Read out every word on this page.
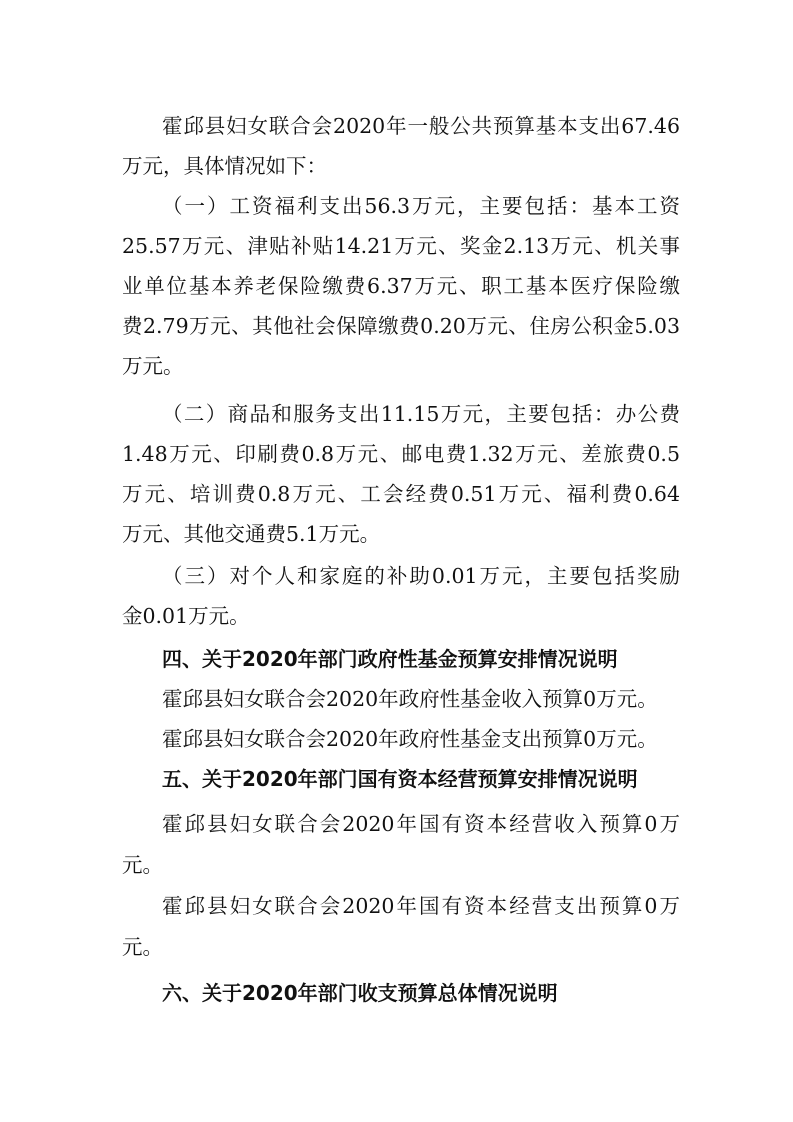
霍邱县妇女联合会2020年一般公共预算基本支出67.46
万元，具体情况如下：
（一）工资福利支出56.3万元，主要包括：基本工资
25.57万元、津贴补贴14.21万元、奖金2.13万元、机关事
业单位基本养老保险缴费6.37万元、职工基本医疗保险缴
费2.79万元、其他社会保障缴费0.20万元、住房公积金5.03
万元。
（二）商品和服务支出11.15万元，主要包括：办公费
1.48万元、印刷费0.8万元、邮电费1.32万元、差旅费0.5
万元、培训费0.8万元、工会经费0.51万元、福利费0.64
万元、其他交通费5.1万元。
（三）对个人和家庭的补助0.01万元，主要包括奖励
金0.01万元。
四、关于2020年部门政府性基金预算安排情况说明
霍邱县妇女联合会2020年政府性基金收入预算0万元。
霍邱县妇女联合会2020年政府性基金支出预算0万元。
五、关于2020年部门国有资本经营预算安排情况说明
霍邱县妇女联合会2020年国有资本经营收入预算0万
元。
霍邱县妇女联合会2020年国有资本经营支出预算0万
元。
六、关于2020年部门收支预算总体情况说明
